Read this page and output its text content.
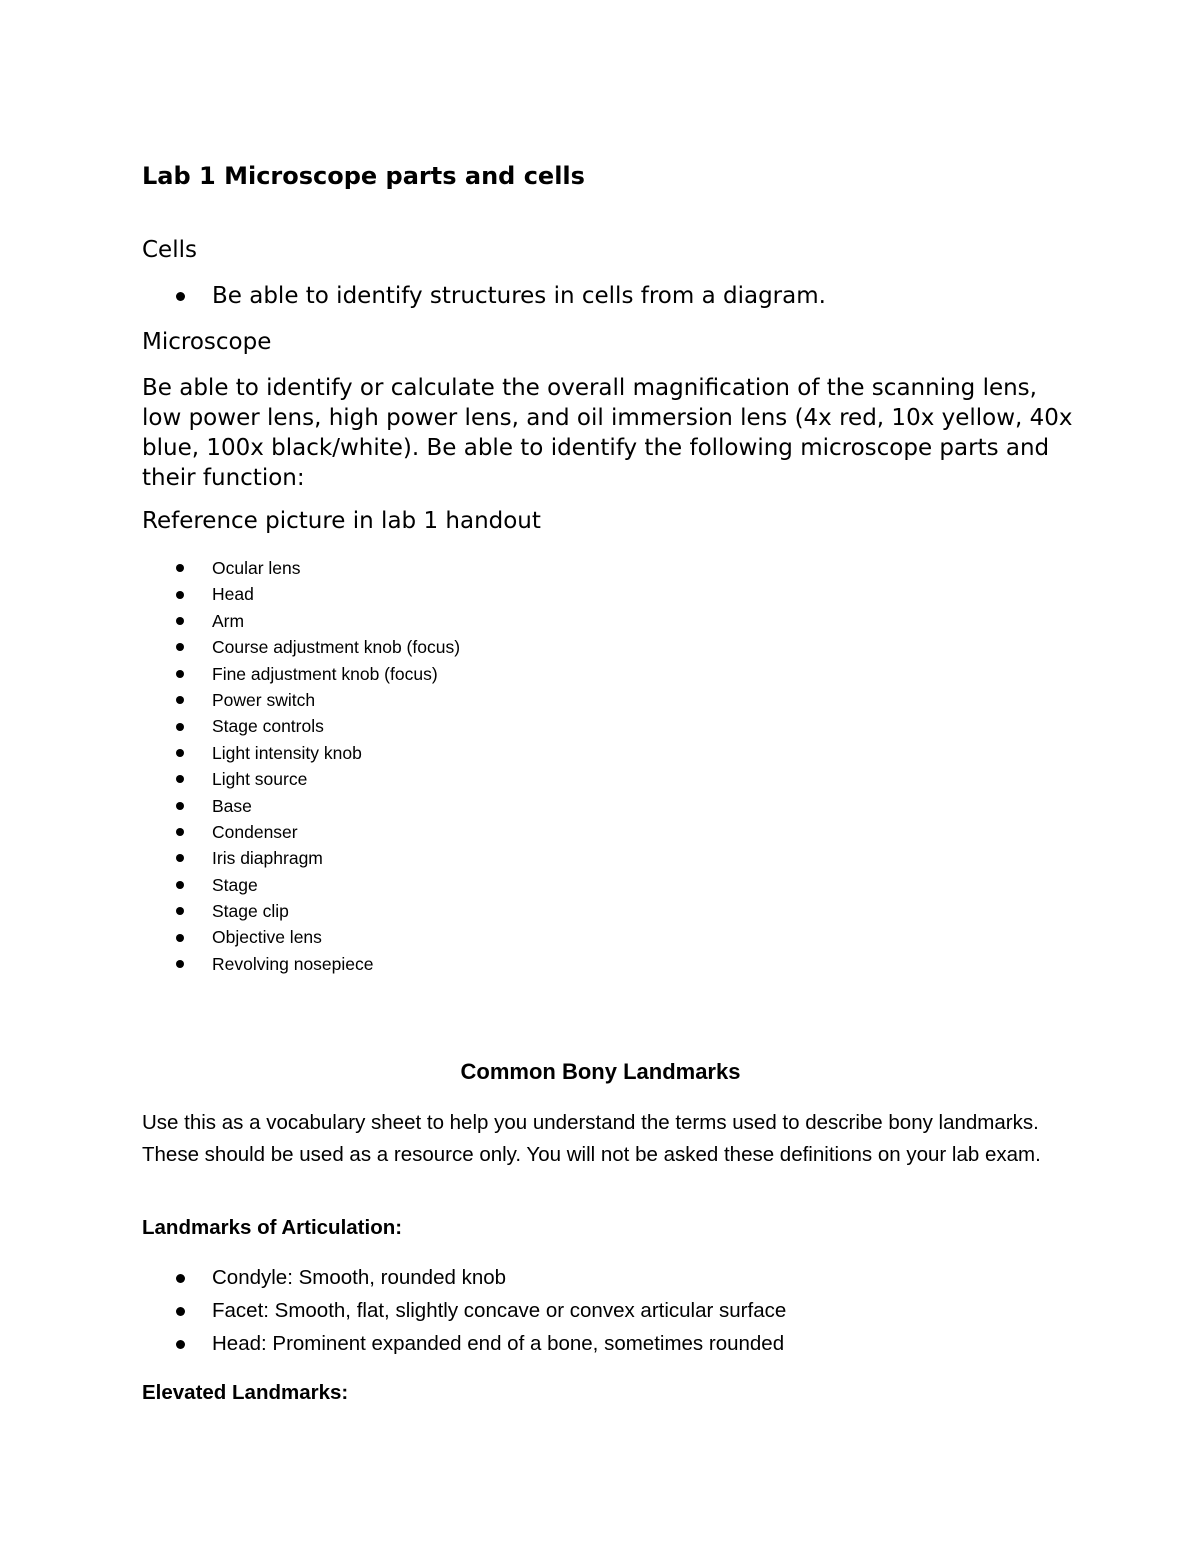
Lab 1 Microscope parts and cells
Cells
Be able to identify structures in cells from a diagram.
Microscope

Be able to identify or calculate the overall magnification of the scanning lens, low power lens, high power lens, and oil immersion lens (4x red, 10x yellow, 40x blue, 100x black/white). Be able to identify the following microscope parts and their function:

Reference picture in lab 1 handout
Ocular lens
Head
Arm
Course adjustment knob (focus)
Fine adjustment knob (focus)
Power switch
Stage controls
Light intensity knob
Light source
Base
Condenser
Iris diaphragm
Stage
Stage clip
Objective lens
Revolving nosepiece
Common Bony Landmarks

Use this as a vocabulary sheet to help you understand the terms used to describe bony landmarks. These should be used as a resource only. You will not be asked these definitions on your lab exam.

Landmarks of Articulation:
Condyle: Smooth, rounded knob
Facet: Smooth, flat, slightly concave or convex articular surface
Head: Prominent expanded end of a bone, sometimes rounded
Elevated Landmarks:
